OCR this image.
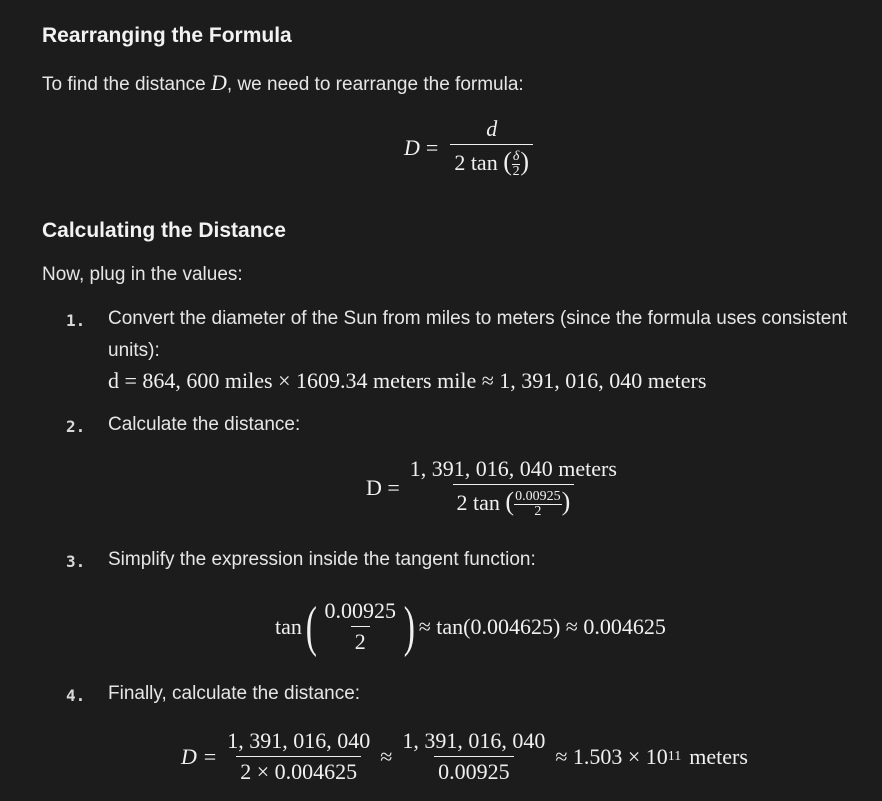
Rearranging the Formula
To find the distance D, we need to rearrange the formula:
$D = \frac{d}{2 \tan ( \frac{\delta}{2} )}$
Calculating the Distance
Now, plug in the values:
1. Convert the diameter of the Sun from miles to meters (since the formula uses consistent units):
d = 864, 600 miles × 1609.34 meters mile ≈ 1, 391, 016, 040 meters
2. Calculate the distance:
$D = \frac{\text{1, 391, 016, 040 meters}}{2 \tan ( \frac{0.00925}{2} )}$
3. Simplify the expression inside the tangent function:
tan ( $\frac{0.00925}{2}$ ) ≈ tan(0.004625) ≈ 0.004625
4. Finally, calculate the distance:
$D = \frac{1, 391, 016, 040}{2 \times 0.004625} \approx \frac{1, 391, 016, 040}{0.00925} \approx 1.503 \times 10$ 11 meters
